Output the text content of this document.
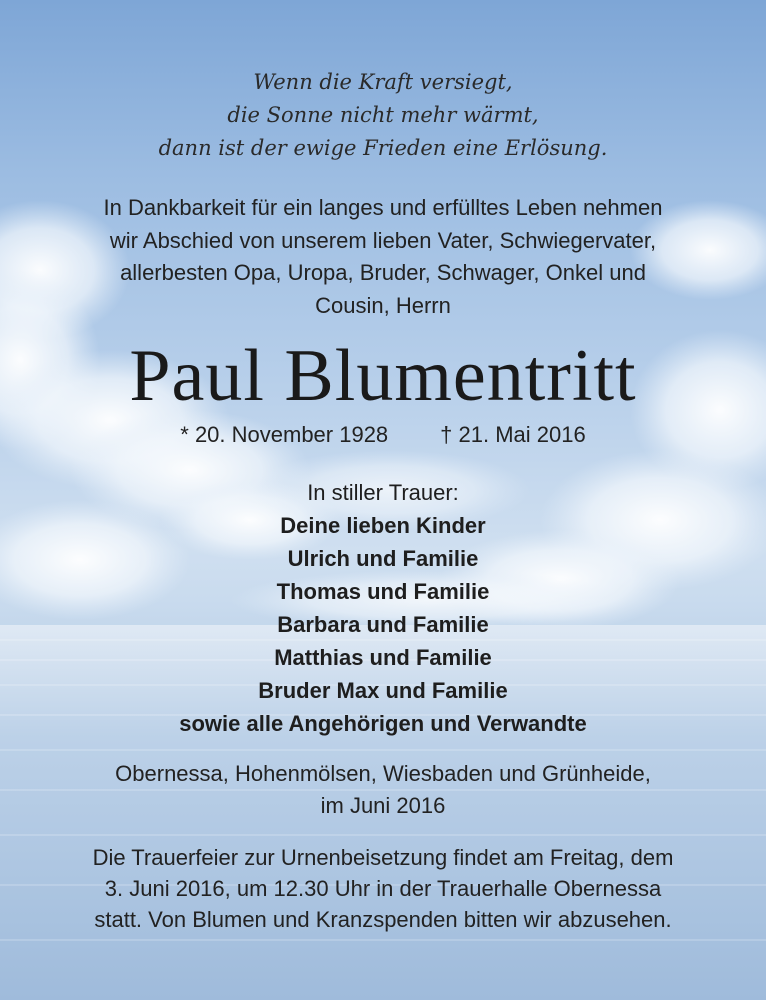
Wenn die Kraft versiegt,
die Sonne nicht mehr wärmt,
dann ist der ewige Frieden eine Erlösung.
In Dankbarkeit für ein langes und erfülltes Leben nehmen
wir Abschied von unserem lieben Vater, Schwiegervater,
allerbesten Opa, Uropa, Bruder, Schwager, Onkel und
Cousin, Herrn
Paul Blumentritt
* 20. November 1928 † 21. Mai 2016
In stiller Trauer:
Deine lieben Kinder
Ulrich und Familie
Thomas und Familie
Barbara und Familie
Matthias und Familie
Bruder Max und Familie
sowie alle Angehörigen und Verwandte
Obernessa, Hohenmölsen, Wiesbaden und Grünheide,
im Juni 2016
Die Trauerfeier zur Urnenbeisetzung findet am Freitag, dem
3. Juni 2016, um 12.30 Uhr in der Trauerhalle Obernessa
statt. Von Blumen und Kranzspenden bitten wir abzusehen.
